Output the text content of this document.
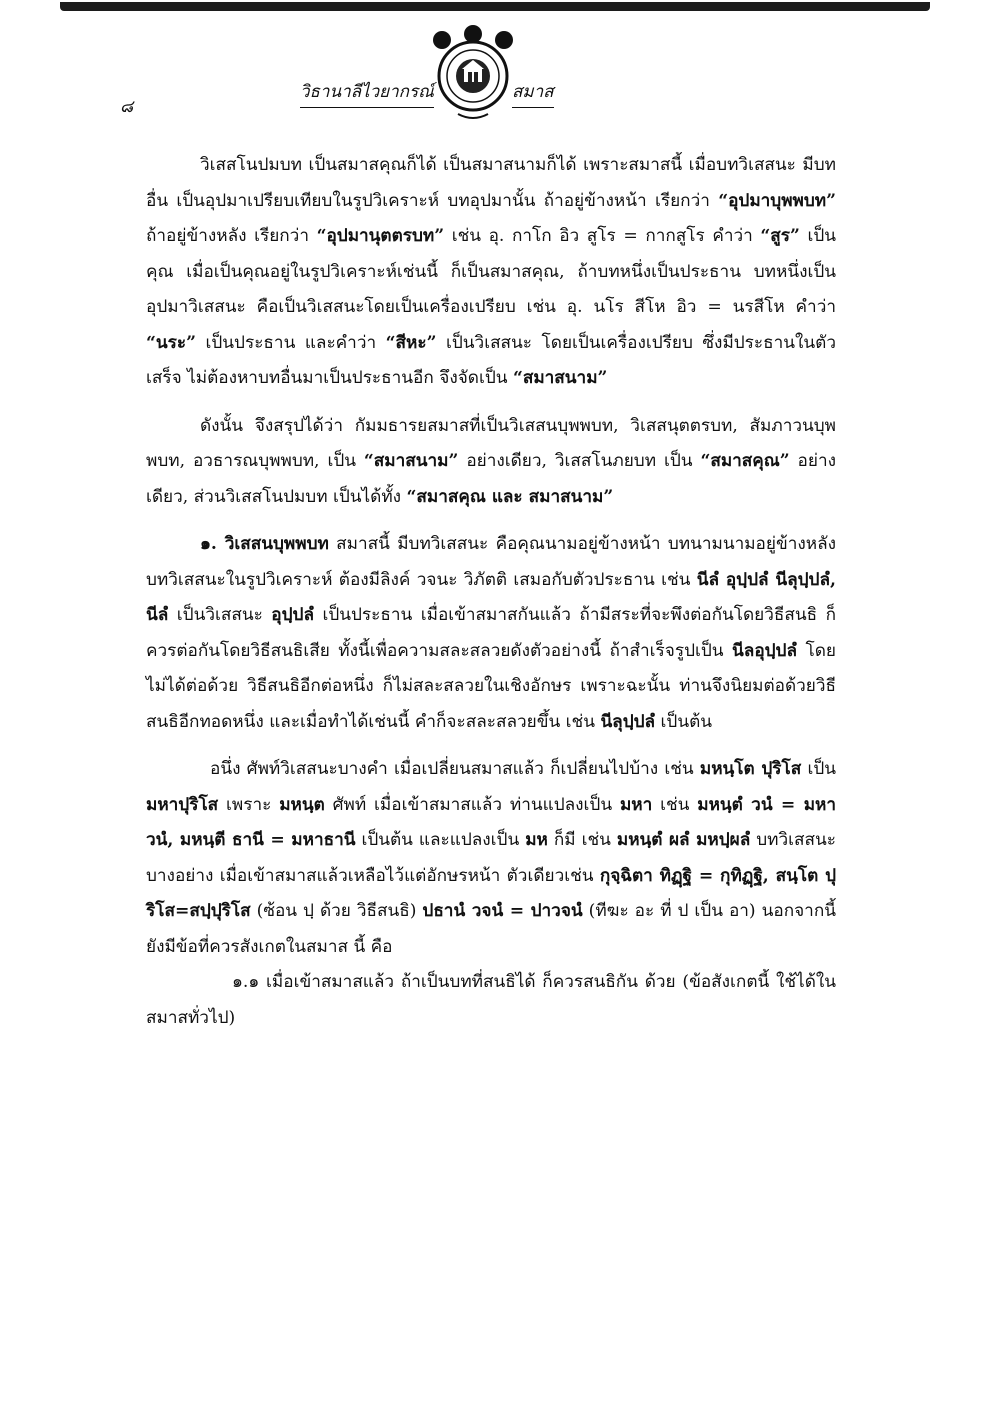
๘
วิธานาลีไวยากรณ์	สมาส

วิเสสโนปมบท เป็นสมาสคุณก็ได้ เป็นสมาสนามก็ได้ เพราะสมาสนี้ เมื่อบทวิเสสนะ มีบทอื่น เป็นอุปมาเปรียบเทียบในรูปวิเคราะห์ บทอุปมานั้น ถ้าอยู่ข้างหน้า เรียกว่า “อุปมาบุพพบท” ถ้าอยู่ข้างหลัง เรียกว่า “อุปมานุตตรบท” เช่น อุ. กาโก อิว สูโร = กากสูโร คำว่า “สูร” เป็นคุณ เมื่อเป็นคุณอยู่ในรูปวิเคราะห์เช่นนี้ ก็เป็นสมาสคุณ, ถ้าบทหนึ่งเป็นประธาน บทหนึ่งเป็นอุปมาวิเสสนะ คือเป็นวิเสสนะโดยเป็นเครื่องเปรียบ เช่น อุ. นโร สีโห อิว = นรสีโห คำว่า “นระ” เป็นประธาน และคำว่า “สีหะ” เป็นวิเสสนะ โดยเป็นเครื่องเปรียบ ซึ่งมีประธานในตัวเสร็จ ไม่ต้องหาบทอื่นมาเป็นประธานอีก จึงจัดเป็น “สมาสนาม”

ดังนั้น จึงสรุปได้ว่า กัมมธารยสมาสที่เป็นวิเสสนบุพพบท, วิเสสนุตตรบท, สัมภาวนบุพพบท, อวธารณบุพพบท, เป็น “สมาสนาม” อย่างเดียว, วิเสสโนภยบท เป็น “สมาสคุณ” อย่างเดียว, ส่วนวิเสสโนปมบท เป็นได้ทั้ง “สมาสคุณ และ สมาสนาม”

๑. วิเสสนบุพพบท สมาสนี้ มีบทวิเสสนะ คือคุณนามอยู่ข้างหน้า บทนามนามอยู่ข้างหลัง บทวิเสสนะในรูปวิเคราะห์ ต้องมีลิงค์ วจนะ วิภัตติ เสมอกับตัวประธาน เช่น นีลํ อุปฺปลํ นีลุปฺปลํ, นีลํ เป็นวิเสสนะ อุปฺปลํ เป็นประธาน เมื่อเข้าสมาสกันแล้ว ถ้ามีสระที่จะพึงต่อกันโดยวิธีสนธิ ก็ควรต่อกันโดยวิธีสนธิเสีย ทั้งนี้เพื่อความสละสลวยดังตัวอย่างนี้ ถ้าสำเร็จรูปเป็น นีลอุปฺปลํ โดยไม่ได้ต่อด้วย วิธีสนธิอีกต่อหนึ่ง ก็ไม่สละสลวยในเชิงอักษร เพราะฉะนั้น ท่านจึงนิยมต่อด้วยวิธีสนธิอีกทอดหนึ่ง และเมื่อทำได้เช่นนี้ คำก็จะสละสลวยขึ้น เช่น นีลุปฺปลํ เป็นต้น

อนึ่ง ศัพท์วิเสสนะบางคำ เมื่อเปลี่ยนสมาสแล้ว ก็เปลี่ยนไปบ้าง เช่น มหนฺโต ปุริโส เป็น มหาปุริโส เพราะ มหนฺต ศัพท์ เมื่อเข้าสมาสแล้ว ท่านแปลงเป็น มหา เช่น มหนฺตํ วนํ = มหาวนํ, มหนฺตี ธานี = มหาธานี เป็นต้น และแปลงเป็น มห ก็มี เช่น มหนฺตํ ผลํ มหปฺผลํ บทวิเสสนะบางอย่าง เมื่อเข้าสมาสแล้วเหลือไว้แต่อักษรหน้า ตัวเดียวเช่น กุจฺฉิตา ทิฏฺฐิ = กุทิฏฺฐิ, สนฺโต ปุริโส=สปฺปุริโส (ซ้อน ปฺ ด้วย วิธีสนธิ) ปธานํ วจนํ = ปาวจนํ (ทีฆะ อะ ที่ ป เป็น อา) นอกจากนี้ยังมีข้อที่ควรสังเกตในสมาส นี้ คือ

๑.๑ เมื่อเข้าสมาสแล้ว ถ้าเป็นบทที่สนธิได้ ก็ควรสนธิกัน ด้วย (ข้อสังเกตนี้ ใช้ได้ในสมาสทั่วไป)
